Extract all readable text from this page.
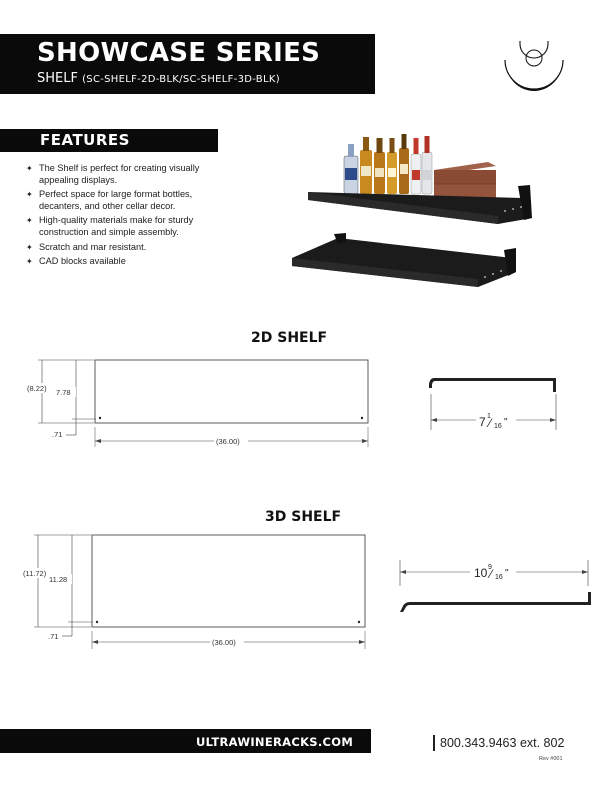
SHOWCASE SERIES
SHELF (SC-SHELF-2D-BLK/SC-SHELF-3D-BLK)
FEATURES
✦ The Shelf is perfect for creating visually appealing displays.
✦ Perfect space for large format bottles, decanters, and other cellar decor.
✦ High-quality materials make for sturdy construction and simple assembly.
✦ Scratch and mar resistant.
✦ CAD blocks available
2D SHELF
(8.22) 7.78
.71
(36.00)
7 1
⁄ 16 "
3D SHELF
(11.72)
11.28
.71
(36.00)
10 9
⁄ 16 "
ULTRAWINERACKS.COM	800.343.9463 ext. 802
Rev #001
